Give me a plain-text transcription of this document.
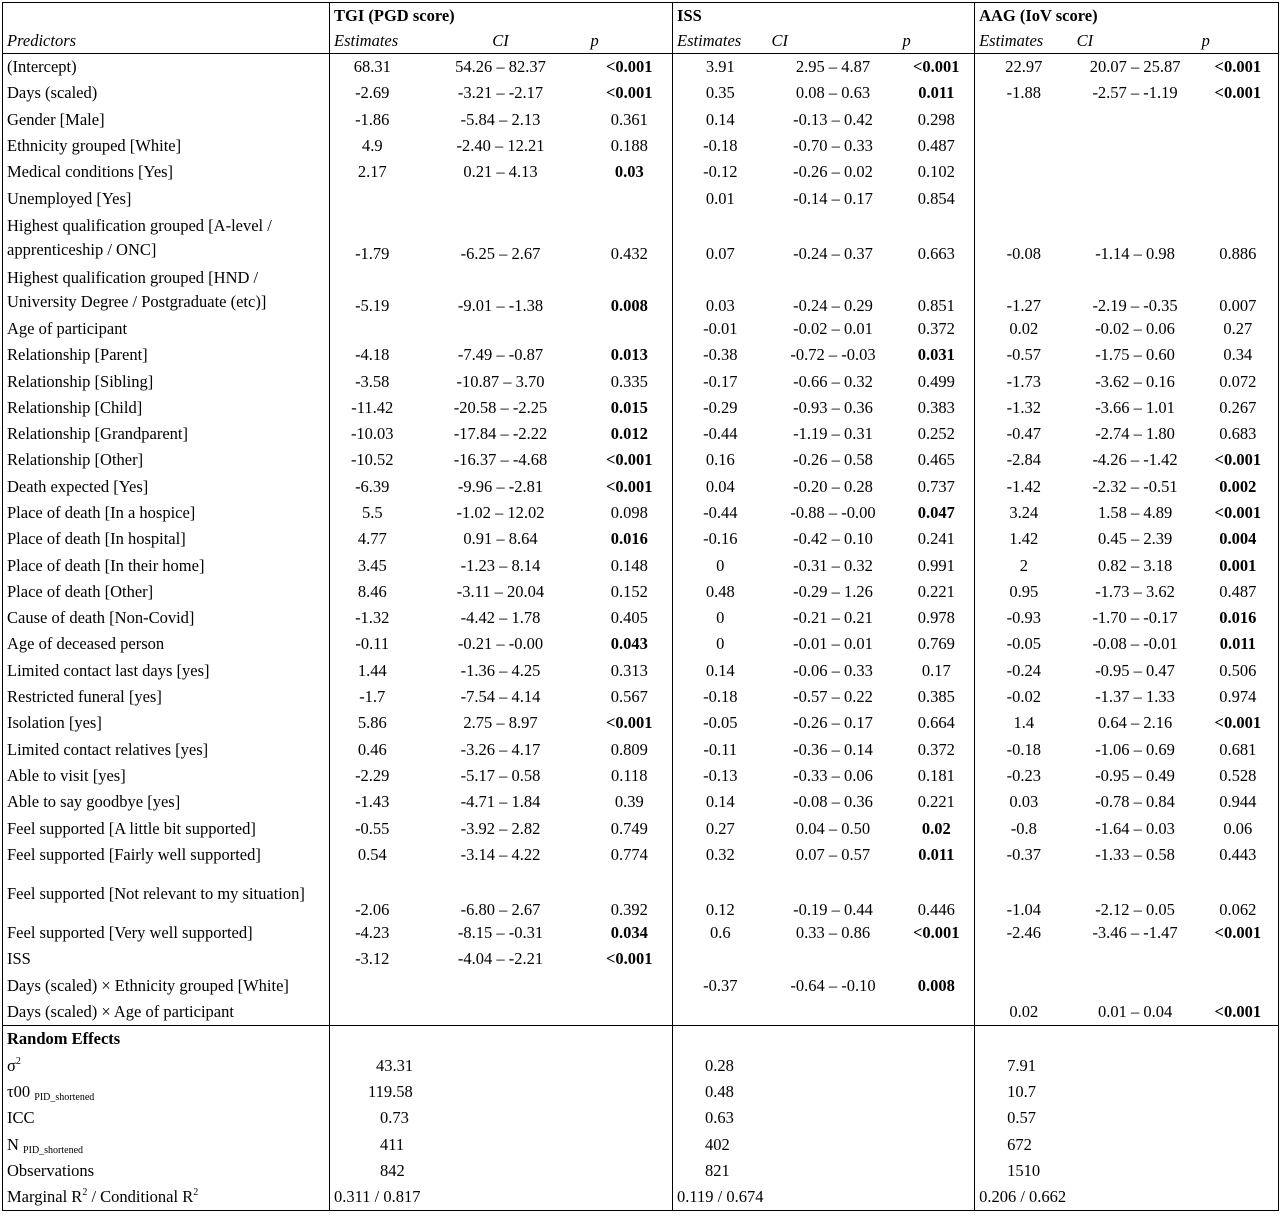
	TGI (PGD score)			ISS			AAG (IoV score)		
Predictors	Estimates	CI	p	Estimates	CI	p	Estimates	CI	p
(Intercept)	68.31	54.26 – 82.37	<0.001	3.91	2.95 – 4.87	<0.001	22.97	20.07 – 25.87	<0.001
Days (scaled)	-2.69	-3.21 – -2.17	<0.001	0.35	0.08 – 0.63	0.011	-1.88	-2.57 – -1.19	<0.001
Gender [Male]	-1.86	-5.84 – 2.13	0.361	0.14	-0.13 – 0.42	0.298			
Ethnicity grouped [White]	4.9	-2.40 – 12.21	0.188	-0.18	-0.70 – 0.33	0.487			
Medical conditions [Yes]	2.17	0.21 – 4.13	0.03	-0.12	-0.26 – 0.02	0.102			
Unemployed [Yes]				0.01	-0.14 – 0.17	0.854			
Highest qualification grouped [A-level / apprenticeship / ONC]	-1.79	-6.25 – 2.67	0.432	0.07	-0.24 – 0.37	0.663	-0.08	-1.14 – 0.98	0.886
Highest qualification grouped [HND / University Degree / Postgraduate (etc)]	-5.19	-9.01 – -1.38	0.008	0.03	-0.24 – 0.29	0.851	-1.27	-2.19 – -0.35	0.007
Age of participant				-0.01	-0.02 – 0.01	0.372	0.02	-0.02 – 0.06	0.27
Relationship [Parent]	-4.18	-7.49 – -0.87	0.013	-0.38	-0.72 – -0.03	0.031	-0.57	-1.75 – 0.60	0.34
Relationship [Sibling]	-3.58	-10.87 – 3.70	0.335	-0.17	-0.66 – 0.32	0.499	-1.73	-3.62 – 0.16	0.072
Relationship [Child]	-11.42	-20.58 – -2.25	0.015	-0.29	-0.93 – 0.36	0.383	-1.32	-3.66 – 1.01	0.267
Relationship [Grandparent]	-10.03	-17.84 – -2.22	0.012	-0.44	-1.19 – 0.31	0.252	-0.47	-2.74 – 1.80	0.683
Relationship [Other]	-10.52	-16.37 – -4.68	<0.001	0.16	-0.26 – 0.58	0.465	-2.84	-4.26 – -1.42	<0.001
Death expected [Yes]	-6.39	-9.96 – -2.81	<0.001	0.04	-0.20 – 0.28	0.737	-1.42	-2.32 – -0.51	0.002
Place of death [In a hospice]	5.5	-1.02 – 12.02	0.098	-0.44	-0.88 – -0.00	0.047	3.24	1.58 – 4.89	<0.001
Place of death [In hospital]	4.77	0.91 – 8.64	0.016	-0.16	-0.42 – 0.10	0.241	1.42	0.45 – 2.39	0.004
Place of death [In their home]	3.45	-1.23 – 8.14	0.148	0	-0.31 – 0.32	0.991	2	0.82 – 3.18	0.001
Place of death [Other]	8.46	-3.11 – 20.04	0.152	0.48	-0.29 – 1.26	0.221	0.95	-1.73 – 3.62	0.487
Cause of death [Non-Covid]	-1.32	-4.42 – 1.78	0.405	0	-0.21 – 0.21	0.978	-0.93	-1.70 – -0.17	0.016
Age of deceased person	-0.11	-0.21 – -0.00	0.043	0	-0.01 – 0.01	0.769	-0.05	-0.08 – -0.01	0.011
Limited contact last days [yes]	1.44	-1.36 – 4.25	0.313	0.14	-0.06 – 0.33	0.17	-0.24	-0.95 – 0.47	0.506
Restricted funeral [yes]	-1.7	-7.54 – 4.14	0.567	-0.18	-0.57 – 0.22	0.385	-0.02	-1.37 – 1.33	0.974
Isolation [yes]	5.86	2.75 – 8.97	<0.001	-0.05	-0.26 – 0.17	0.664	1.4	0.64 – 2.16	<0.001
Limited contact relatives [yes]	0.46	-3.26 – 4.17	0.809	-0.11	-0.36 – 0.14	0.372	-0.18	-1.06 – 0.69	0.681
Able to visit [yes]	-2.29	-5.17 – 0.58	0.118	-0.13	-0.33 – 0.06	0.181	-0.23	-0.95 – 0.49	0.528
Able to say goodbye [yes]	-1.43	-4.71 – 1.84	0.39	0.14	-0.08 – 0.36	0.221	0.03	-0.78 – 0.84	0.944
Feel supported [A little bit supported]	-0.55	-3.92 – 2.82	0.749	0.27	0.04 – 0.50	0.02	-0.8	-1.64 – 0.03	0.06
Feel supported [Fairly well supported]	0.54	-3.14 – 4.22	0.774	0.32	0.07 – 0.57	0.011	-0.37	-1.33 – 0.58	0.443
Feel supported [Not relevant to my situation]	-2.06	-6.80 – 2.67	0.392	0.12	-0.19 – 0.44	0.446	-1.04	-2.12 – 0.05	0.062
Feel supported [Very well supported]	-4.23	-8.15 – -0.31	0.034	0.6	0.33 – 0.86	<0.001	-2.46	-3.46 – -1.47	<0.001
ISS	-3.12	-4.04 – -2.21	<0.001						
Days (scaled) × Ethnicity grouped [White]				-0.37	-0.64 – -0.10	0.008			
Days (scaled) × Age of participant							0.02	0.01 – 0.04	<0.001
Random Effects									
$\sigma^2$	43.31			0.28			7.91		
τ00 PID_shortened	119.58			0.48			10.7		
ICC	0.73			0.63			0.57		
N PID_shortened	411			402			672		
Observations	842			821			1510		
Marginal $R^2$ / Conditional $R^2$	0.311 / 0.817			0.119 / 0.674			0.206 / 0.662		
